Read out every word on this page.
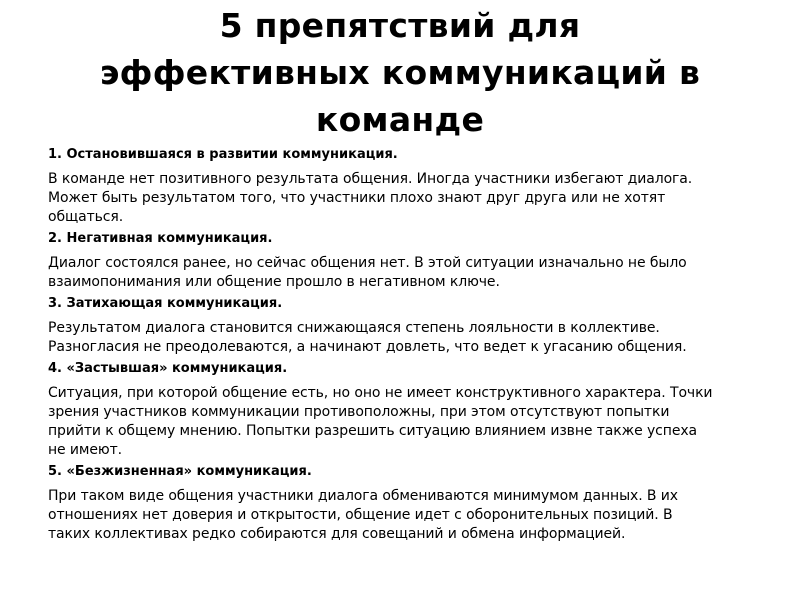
5 препятствий для
эффективных коммуникаций в
команде

1. Остановившаяся в развитии коммуникация.

В команде нет позитивного результата общения. Иногда участники избегают диалога.
Может быть результатом того, что участники плохо знают друг друга или не хотят
общаться.

2. Негативная коммуникация.

Диалог состоялся ранее, но сейчас общения нет. В этой ситуации изначально не было
взаимопонимания или общение прошло в негативном ключе.

3. Затихающая коммуникация.

Результатом диалога становится снижающаяся степень лояльности в коллективе.
Разногласия не преодолеваются, а начинают довлеть, что ведет к угасанию общения.

4. «Застывшая» коммуникация.

Ситуация, при которой общение есть, но оно не имеет конструктивного характера. Точки
зрения участников коммуникации противоположны, при этом отсутствуют попытки
прийти к общему мнению. Попытки разрешить ситуацию влиянием извне также успеха
не имеют.

5. «Безжизненная» коммуникация.

При таком виде общения участники диалога обмениваются минимумом данных. В их
отношениях нет доверия и открытости, общение идет с оборонительных позиций. В
таких коллективах редко собираются для совещаний и обмена информацией.
